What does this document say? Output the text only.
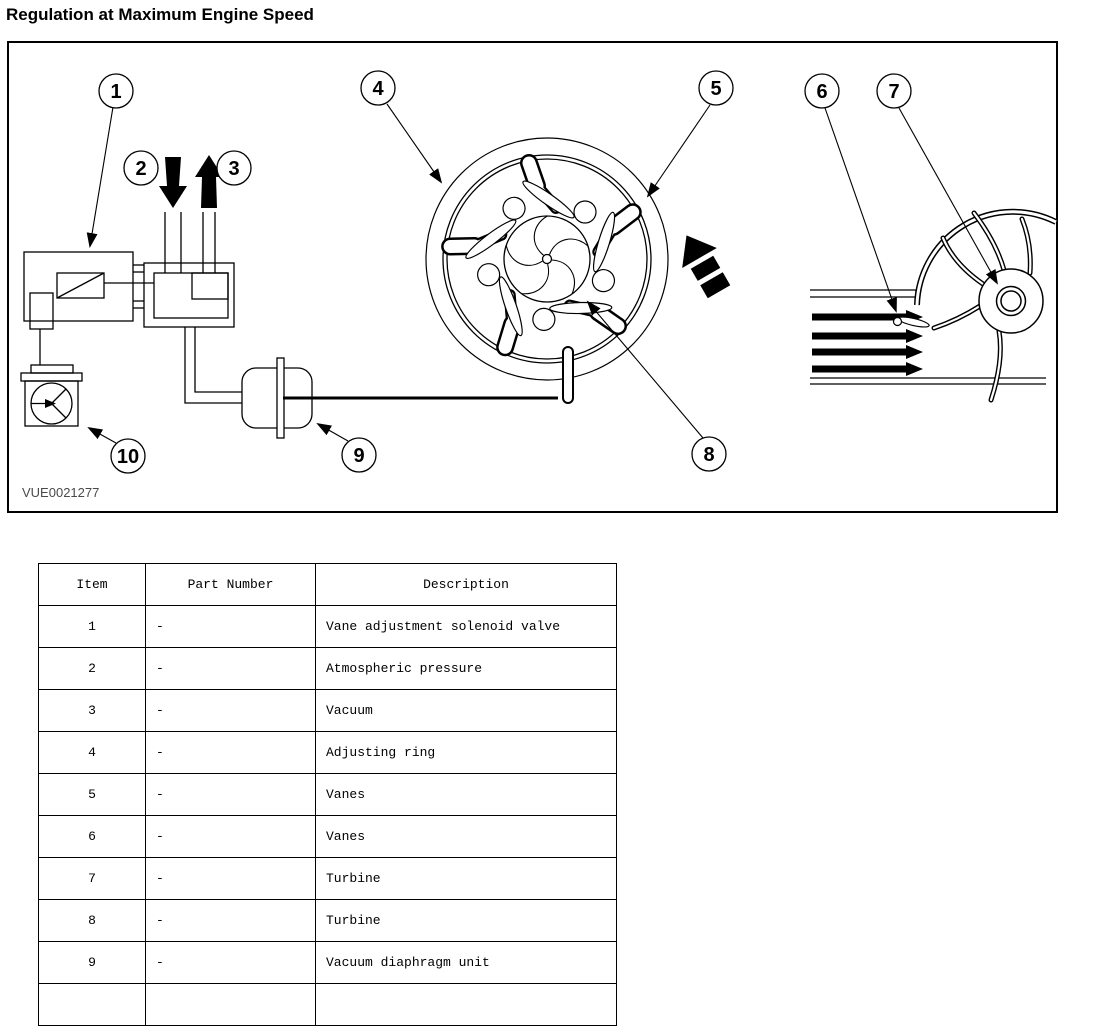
Regulation at Maximum Engine Speed
1
2	3
4	5	6	7
8
9
10
VUE0021277
Item	Part Number	Description
1	-	Vane adjustment solenoid valve
2	-	Atmospheric pressure
3	-	Vacuum
4	-	Adjusting ring
5	-	Vanes
6	-	Vanes
7	-	Turbine
8	-	Turbine
9	-	Vacuum diaphragm unit
